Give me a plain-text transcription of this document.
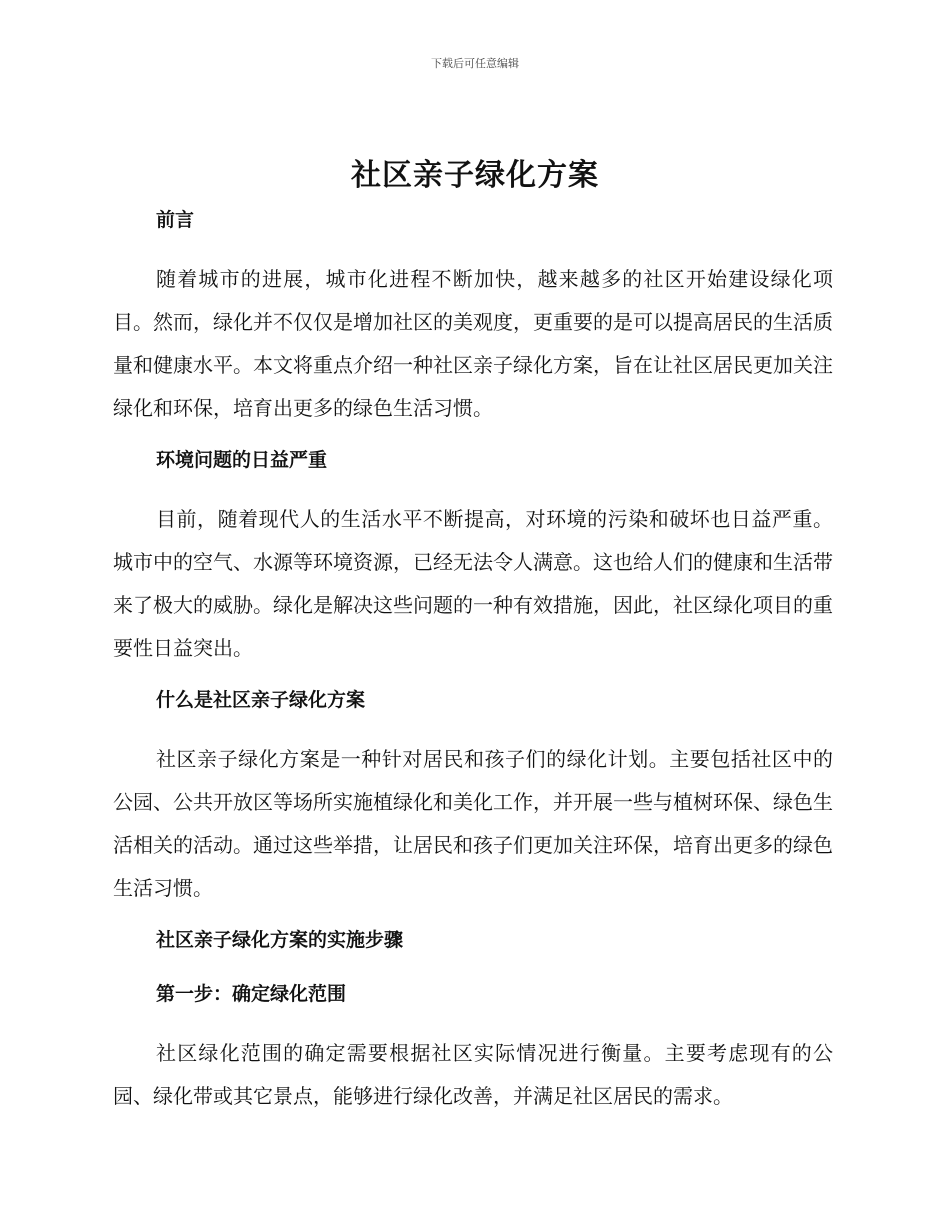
下载后可任意编辑
社区亲子绿化方案

前言

随着城市的进展，城市化进程不断加快，越来越多的社区开始建设绿化项目。然而，绿化并不仅仅是增加社区的美观度，更重要的是可以提高居民的生活质量和健康水平。本文将重点介绍一种社区亲子绿化方案，旨在让社区居民更加关注绿化和环保，培育出更多的绿色生活习惯。

环境问题的日益严重

目前，随着现代人的生活水平不断提高，对环境的污染和破坏也日益严重。城市中的空气、水源等环境资源，已经无法令人满意。这也给人们的健康和生活带来了极大的威胁。绿化是解决这些问题的一种有效措施，因此，社区绿化项目的重要性日益突出。

什么是社区亲子绿化方案

社区亲子绿化方案是一种针对居民和孩子们的绿化计划。主要包括社区中的公园、公共开放区等场所实施植绿化和美化工作，并开展一些与植树环保、绿色生活相关的活动。通过这些举措，让居民和孩子们更加关注环保，培育出更多的绿色生活习惯。

社区亲子绿化方案的实施步骤

第一步：确定绿化范围

社区绿化范围的确定需要根据社区实际情况进行衡量。主要考虑现有的公园、绿化带或其它景点，能够进行绿化改善，并满足社区居民的需求。
